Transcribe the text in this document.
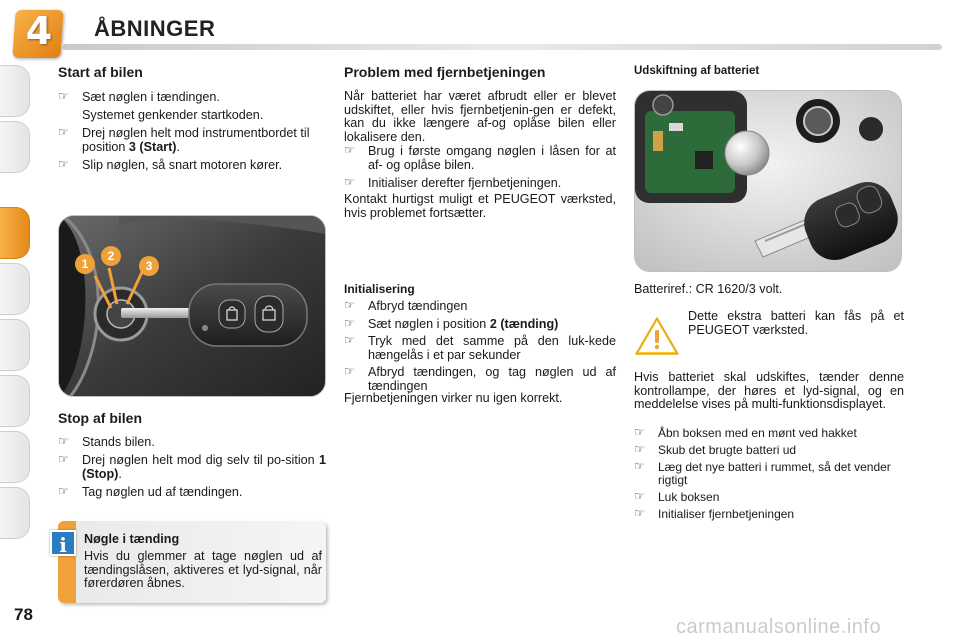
4 ÅBNINGER
Start af bilen
☞ Sæt nøglen i tændingen.
Systemet genkender startkoden.
☞ Drej nøglen helt mod instrumentbordet til position 3 (Start).
☞ Slip nøglen, så snart motoren kører.
1
2
3
Stop af bilen
☞ Stands bilen.
☞ Drej nøglen helt mod dig selv til po-sition 1 (Stop).
☞ Tag nøglen ud af tændingen.
i	Nøgle i tænding
Hvis du glemmer at tage nøglen ud af tændingslåsen, aktiveres et lyd-signal, når førerdøren åbnes.
Problem med fjernbetjeningen
Når batteriet har været afbrudt eller er blevet udskiftet, eller hvis fjernbetjenin-gen er defekt, kan du ikke længere af-og oplåse bilen eller lokalisere den.
☞ Brug i første omgang nøglen i låsen for at af- og oplåse bilen.
☞ Initialiser derefter fjernbetjeningen.
Kontakt hurtigst muligt et PEUGEOT værksted, hvis problemet fortsætter.
Initialisering
☞ Afbryd tændingen
☞ Sæt nøglen i position 2 (tænding)
☞ Tryk med det samme på den luk-kede hængelås i et par sekunder
☞ Afbryd tændingen, og tag nøglen ud af tændingen
Fjernbetjeningen virker nu igen korrekt.
Udskiftning af batteriet
Batteriref.: CR 1620/3 volt.
Dette ekstra batteri kan fås på et PEUGEOT værksted.
Hvis batteriet skal udskiftes, tænder denne kontrollampe, der høres et lyd-signal, og en meddelelse vises på multi-funktionsdisplayet.
☞ Åbn boksen med en mønt ved hakket
☞ Skub det brugte batteri ud
☞ Læg det nye batteri i rummet, så det vender rigtigt
☞ Luk boksen
☞ Initialiser fjernbetjeningen
78
carmanualsonline.info
